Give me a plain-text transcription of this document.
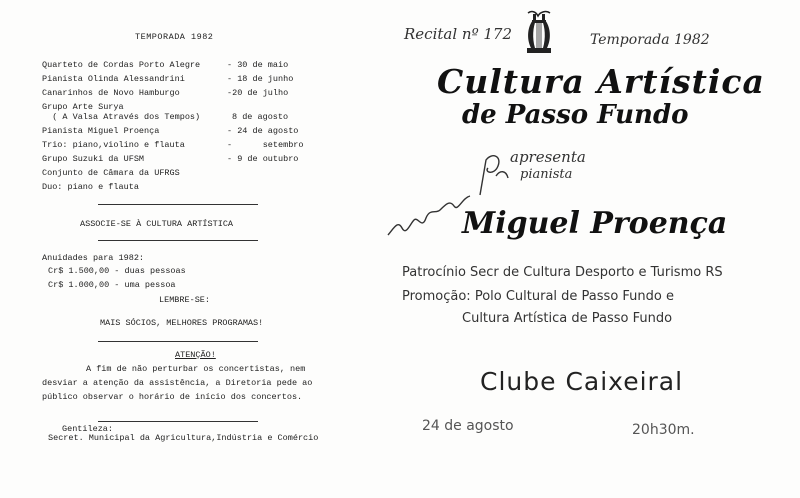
TEMPORADA 1982
Quarteto de Cordas Porto Alegre	- 30 de maio
Pianista Olinda Alessandrini	- 18 de junho
Canarinhos de Novo Hamburgo	-20 de julho
Grupo Arte Surya
( A Valsa Através dos Tempos)	8 de agosto
Pianista Miguel Proença	- 24 de agosto
Trio: piano,violino e flauta	-      setembro
Grupo Suzuki da UFSM	- 9 de outubro
Conjunto de Câmara da UFRGS
Duo: piano e flauta
ASSOCIE-SE À CULTURA ARTÍSTICA
Anuidades para 1982:
Cr$ 1.500,00 - duas pessoas
Cr$ 1.000,00 - uma pessoa
LEMBRE-SE:
MAIS SÓCIOS, MELHORES PROGRAMAS!
ATENÇÃO!
A fim de não perturbar os concertistas, nem desviar a atenção da assistência, a Diretoria pede ao público observar o horário de início dos concertos.
Gentileza:
Secret. Municipal da Agricultura,Indústria e Comércio
Recital nº 172	Temporada 1982
Cultura Artística
de Passo Fundo
apresenta
pianista
Miguel Proença
Patrocínio Secr de Cultura Desporto e Turismo RS
Promoção: Polo Cultural de Passo Fundo e
Cultura Artística de Passo Fundo
Clube Caixeiral
24 de agosto	20h30m.
